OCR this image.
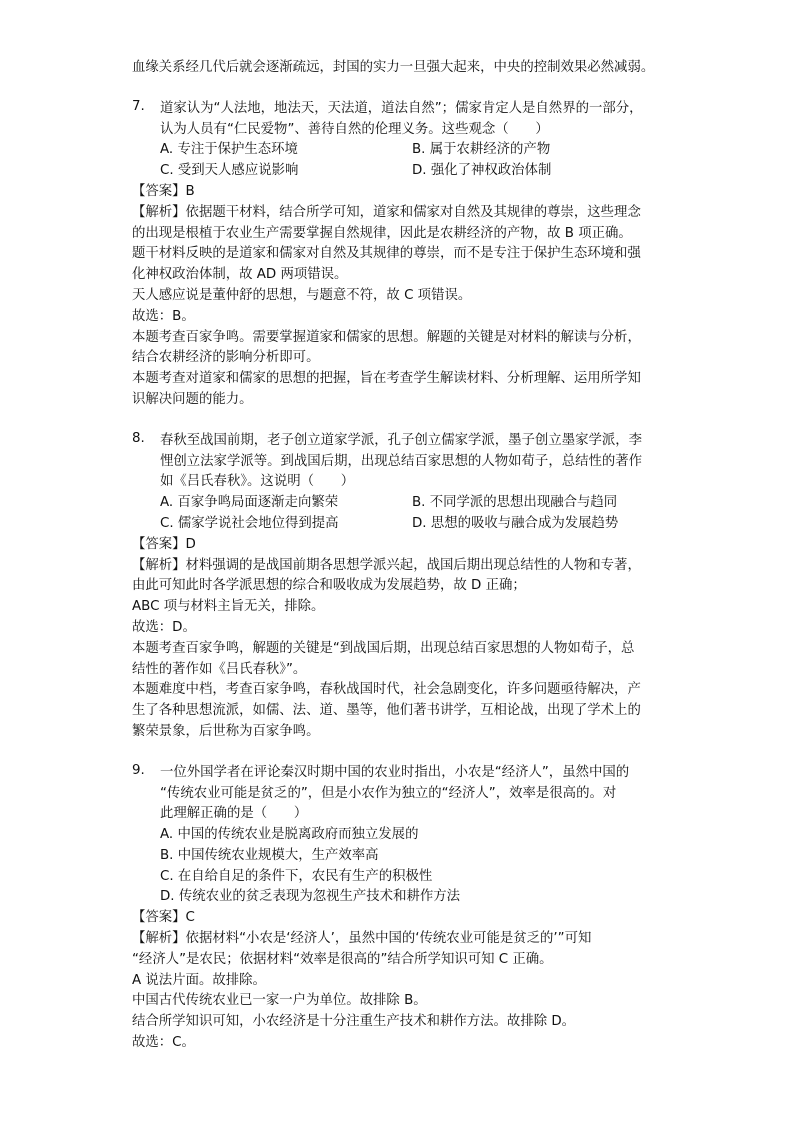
血缘关系经几代后就会逐渐疏远，封国的实力一旦强大起来，中央的控制效果必然减弱。
7. 道家认为“人法地，地法天，天法道，道法自然”；儒家肯定人是自然界的一部分，
认为人员有“仁民爱物”、善待自然的伦理义务。这些观念（　　）
A. 专注于保护生态环境	B. 属于农耕经济的产物
C. 受到天人感应说影响	D. 强化了神权政治体制
【答案】B
【解析】依据题干材料，结合所学可知，道家和儒家对自然及其规律的尊崇，这些理念
的出现是根植于农业生产需要掌握自然规律，因此是农耕经济的产物，故 B 项正确。
题干材料反映的是道家和儒家对自然及其规律的尊崇，而不是专注于保护生态环境和强
化神权政治体制，故 AD 两项错误。
天人感应说是董仲舒的思想，与题意不符，故 C 项错误。
故选：B。
本题考查百家争鸣。需要掌握道家和儒家的思想。解题的关键是对材料的解读与分析，
结合农耕经济的影响分析即可。
本题考查对道家和儒家的思想的把握，旨在考查学生解读材料、分析理解、运用所学知
识解决问题的能力。
8. 春秋至战国前期，老子创立道家学派，孔子创立儒家学派，墨子创立墨家学派，李
悝创立法家学派等。到战国后期，出现总结百家思想的人物如荀子，总结性的著作
如《吕氏春秋》。这说明（　　）
A. 百家争鸣局面逐渐走向繁荣	B. 不同学派的思想出现融合与趋同
C. 儒家学说社会地位得到提高	D. 思想的吸收与融合成为发展趋势
【答案】D
【解析】材料强调的是战国前期各思想学派兴起，战国后期出现总结性的人物和专著，
由此可知此时各学派思想的综合和吸收成为发展趋势，故 D 正确；
ABC 项与材料主旨无关，排除。
故选：D。
本题考查百家争鸣，解题的关键是“到战国后期，出现总结百家思想的人物如荀子，总
结性的著作如《吕氏春秋》”。
本题难度中档，考查百家争鸣，春秋战国时代，社会急剧变化，许多问题亟待解决，产
生了各种思想流派，如儒、法、道、墨等，他们著书讲学，互相论战，出现了学术上的
繁荣景象，后世称为百家争鸣。
9. 一位外国学者在评论秦汉时期中国的农业时指出，小农是“经济人”，虽然中国的
“传统农业可能是贫乏的”，但是小农作为独立的“经济人”，效率是很高的。对
此理解正确的是（　　）
A. 中国的传统农业是脱离政府而独立发展的
B. 中国传统农业规模大，生产效率高
C. 在自给自足的条件下，农民有生产的积极性
D. 传统农业的贫乏表现为忽视生产技术和耕作方法
【答案】C
【解析】依据材料“小农是‘经济人’，虽然中国的‘传统农业可能是贫乏的’”可知
“经济人”是农民；依据材料“效率是很高的”结合所学知识可知 C 正确。
A 说法片面。故排除。
中国古代传统农业已一家一户为单位。故排除 B。
结合所学知识可知，小农经济是十分注重生产技术和耕作方法。故排除 D。
故选：C。
